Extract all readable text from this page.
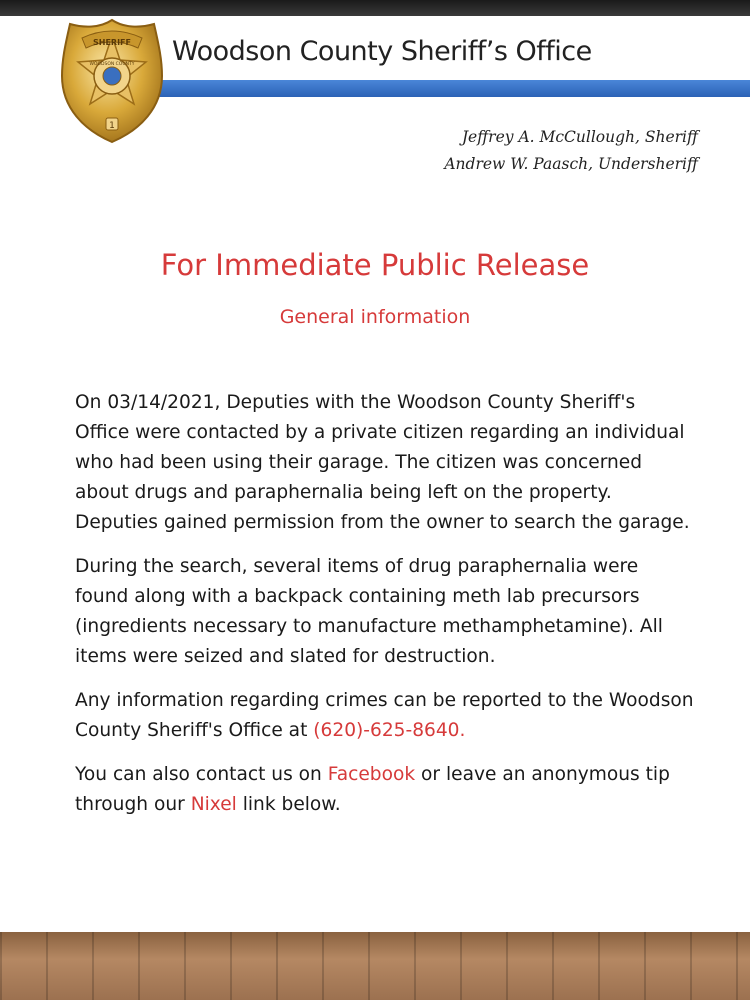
SHERIFF
WOODSON COUNTY
1
Woodson County Sheriff’s Office
Jeffrey A. McCullough, Sheriff
Andrew W. Paasch, Undersheriff
For Immediate Public Release
General information

On 03/14/2021, Deputies with the Woodson County Sheriff's Office were contacted by a private citizen regarding an individual who had been using their garage. The citizen was concerned about drugs and paraphernalia being left on the property. Deputies gained permission from the owner to search the garage.

During the search, several items of drug paraphernalia were found along with a backpack containing meth lab precursors (ingredients necessary to manufacture methamphetamine). All items were seized and slated for destruction.

Any information regarding crimes can be reported to the Woodson County Sheriff's Office at (620)-625-8640.

You can also contact us on Facebook or leave an anonymous tip through our Nixel link below.
